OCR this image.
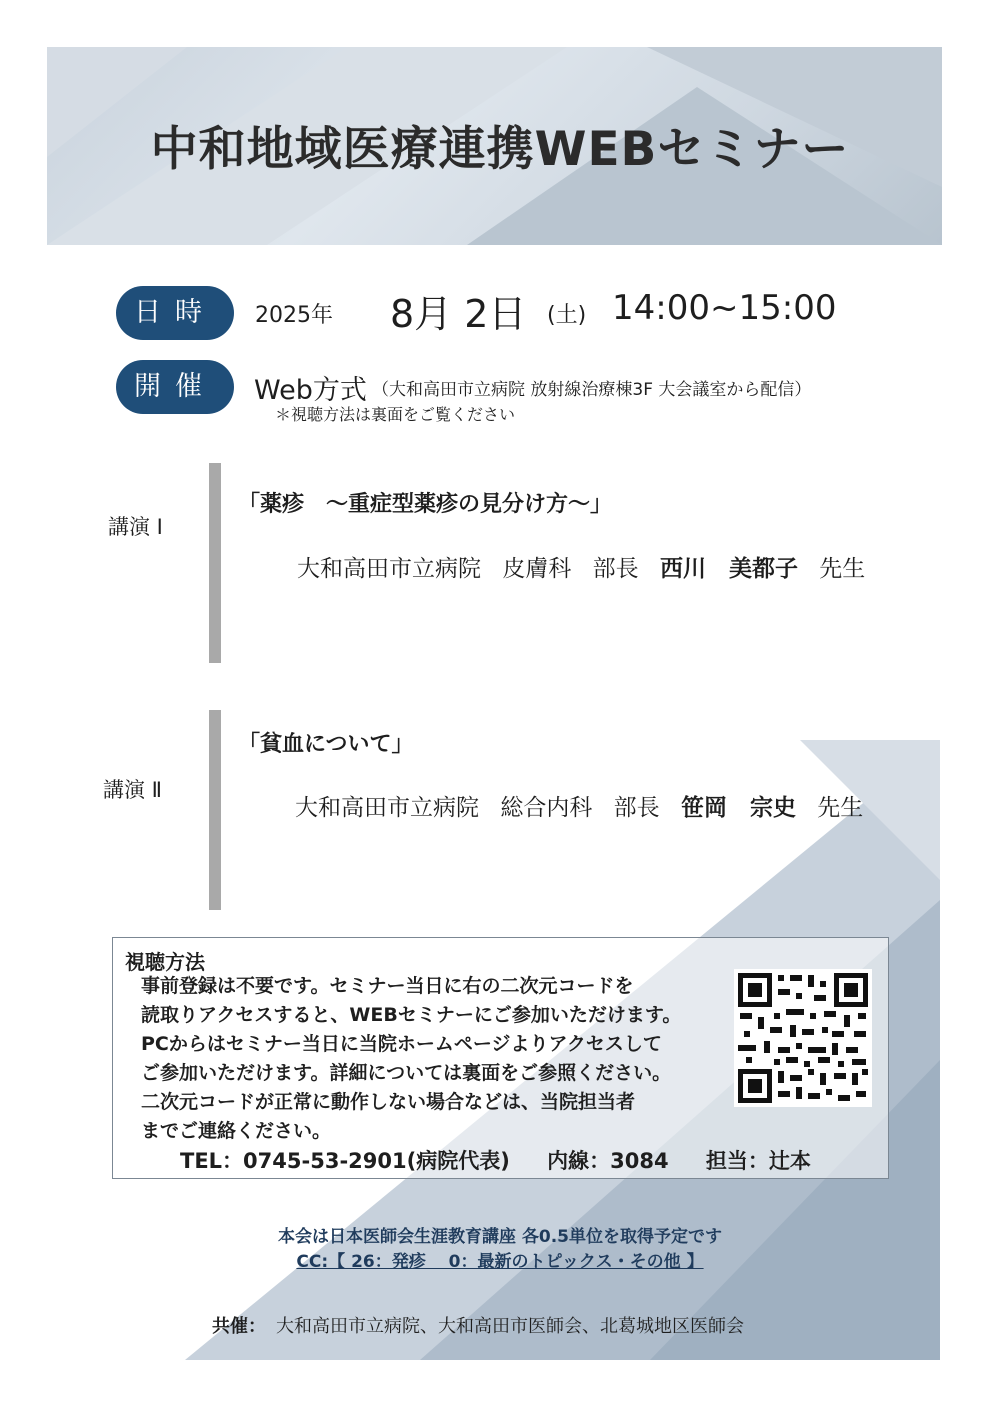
中和地域医療連携WEBセミナー
日時	2025年 8月 2日 (土) 14:00~15:00
開催	Web方式 （大和高田市立病院 放射線治療棟3F 大会議室から配信）
＊視聴方法は裏面をご覧ください
講演 Ⅰ
「薬疹　～重症型薬疹の見分け方～」
大和高田市立病院 皮膚科 部長 西川　美都子 先生
講演 Ⅱ
「貧血について」
大和高田市立病院 総合内科 部長 笹岡　宗史 先生
視聴方法
事前登録は不要です。セミナー当日に右の二次元コードを
読取りアクセスすると、WEBセミナーにご参加いただけます。
PCからはセミナー当日に当院ホームページよりアクセスして
ご参加いただけます。詳細については裏面をご参照ください。
二次元コードが正常に動作しない場合などは、当院担当者
までご連絡ください。
TEL：0745-53-2901(病院代表) 内線：3084 担当：辻本
本会は日本医師会生涯教育講座 各0.5単位を取得予定です
CC:【 26：発疹　 0：最新のトピックス・その他 】
共催： 大和高田市立病院、大和高田市医師会、北葛城地区医師会
